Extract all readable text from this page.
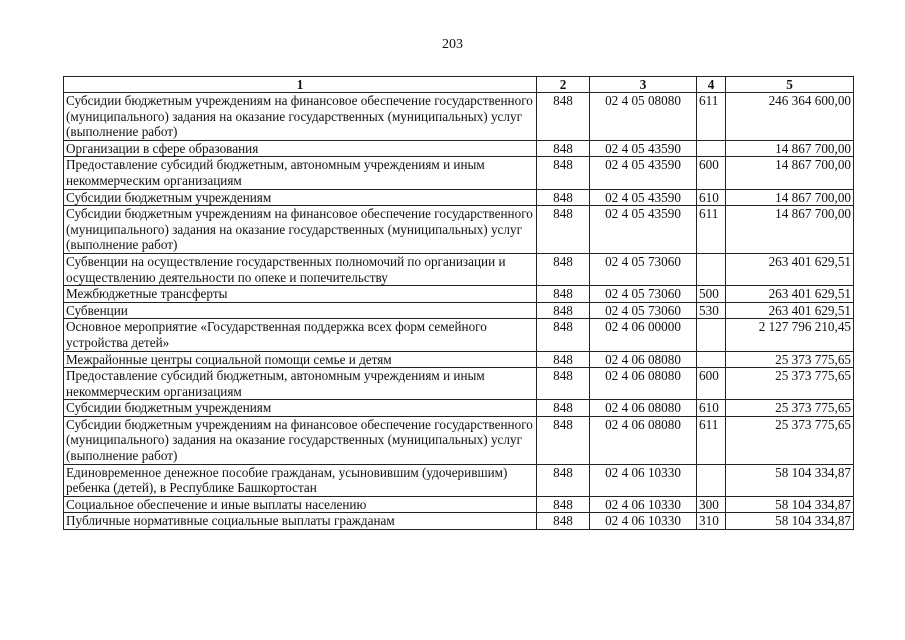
203
1	2	3	4	5
Субсидии бюджетным учреждениям на финансовое обеспечение государственного (муниципального) задания на оказание государственных (муниципальных) услуг (выполнение работ)	848	02 4 05 08080	611	246 364 600,00
Организации в сфере образования	848	02 4 05 43590		14 867 700,00
Предоставление субсидий бюджетным, автономным учреждениям и иным некоммерческим организациям	848	02 4 05 43590	600	14 867 700,00
Субсидии бюджетным учреждениям	848	02 4 05 43590	610	14 867 700,00
Субсидии бюджетным учреждениям на финансовое обеспечение государственного (муниципального) задания на оказание государственных (муниципальных) услуг (выполнение работ)	848	02 4 05 43590	611	14 867 700,00
Субвенции на осуществление государственных полномочий по организации и осуществлению деятельности по опеке и попечительству	848	02 4 05 73060		263 401 629,51
Межбюджетные трансферты	848	02 4 05 73060	500	263 401 629,51
Субвенции	848	02 4 05 73060	530	263 401 629,51
Основное мероприятие «Государственная поддержка всех форм семейного устройства детей»	848	02 4 06 00000		2 127 796 210,45
Межрайонные центры социальной помощи семье и детям	848	02 4 06 08080		25 373 775,65
Предоставление субсидий бюджетным, автономным учреждениям и иным некоммерческим организациям	848	02 4 06 08080	600	25 373 775,65
Субсидии бюджетным учреждениям	848	02 4 06 08080	610	25 373 775,65
Субсидии бюджетным учреждениям на финансовое обеспечение государственного (муниципального) задания на оказание государственных (муниципальных) услуг (выполнение работ)	848	02 4 06 08080	611	25 373 775,65
Единовременное денежное пособие гражданам, усыновившим (удочерившим) ребенка (детей), в Республике Башкортостан	848	02 4 06 10330		58 104 334,87
Социальное обеспечение и иные выплаты населению	848	02 4 06 10330	300	58 104 334,87
Публичные нормативные социальные выплаты гражданам	848	02 4 06 10330	310	58 104 334,87
